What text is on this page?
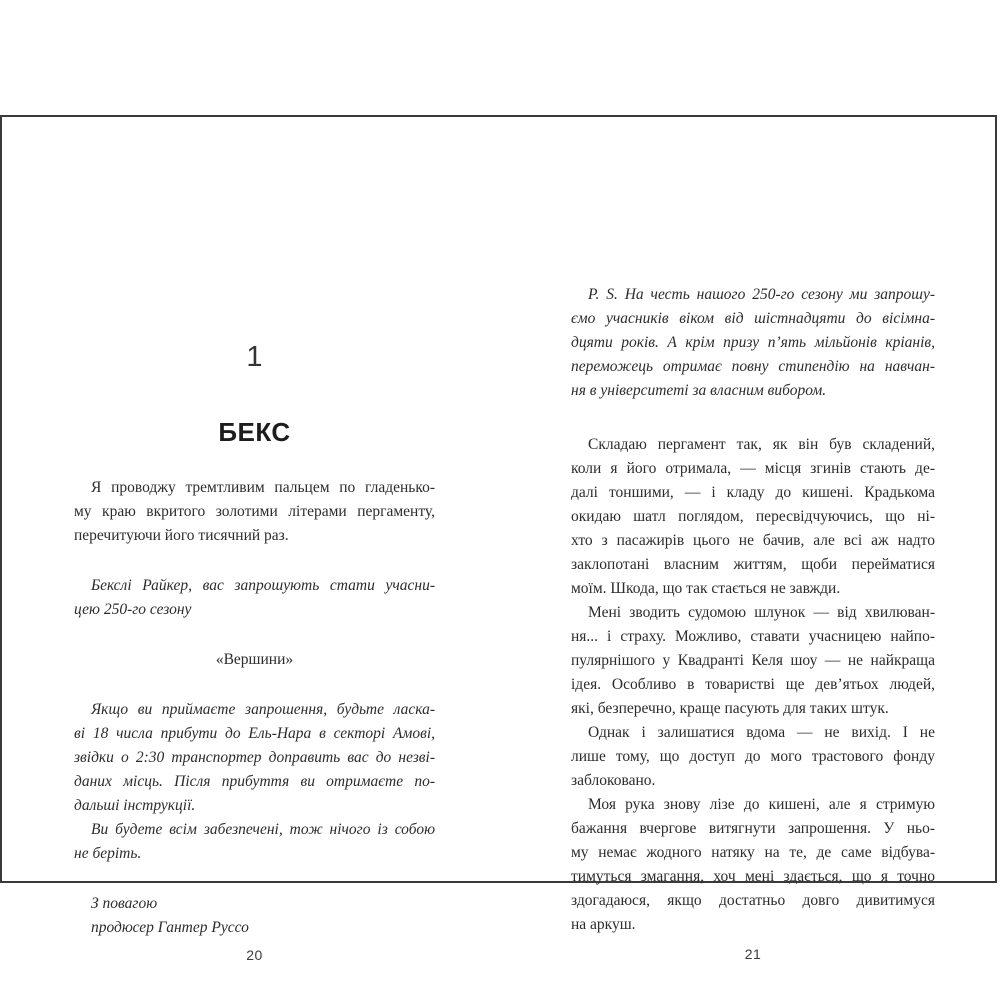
1
БЕКС
Я проводжу тремтливим пальцем по гладенько-
му краю вкритого золотими літерами пергаменту,
перечитуючи його тисячний раз.
Бекслі Райкер, вас запрошують стати учасни-
цею 250-го сезону
«Вершини»
Якщо ви приймаєте запрошення, будьте ласка-
ві 18 числа прибути до Ель-Нара в секторі Амові,
звідки о 2:30 транспортер доправить вас до незві-
даних місць. Після прибуття ви отримаєте по-
дальші інструкції.
Ви будете всім забезпечені, тож нічого із собою
не беріть.
З повагою
продюсер Гантер Руссо
P. S. На честь нашого 250-го сезону ми запрошу-
ємо учасників віком від шістнадцяти до вісімна-
дцяти років. А крім призу п’ять мільйонів кріанів,
переможець отримає повну стипендію на навчан-
ня в університеті за власним вибором.
Складаю пергамент так, як він був складений,
коли я його отримала, — місця згинів стають де-
далі тоншими, — і кладу до кишені. Крадькома
окидаю шатл поглядом, пересвідчуючись, що ні-
хто з пасажирів цього не бачив, але всі аж надто
заклопотані власним життям, щоби перейматися
моїм. Шкода, що так стається не завжди.
Мені зводить судомою шлунок — від хвилюван-
ня... і страху. Можливо, ставати учасницею найпо-
пулярнішого у Квадранті Келя шоу — не найкраща
ідея. Особливо в товаристві ще дев’ятьох людей,
які, безперечно, краще пасують для таких штук.
Однак і залишатися вдома — не вихід. І не
лише тому, що доступ до мого трастового фонду
заблоковано.
Моя рука знову лізе до кишені, але я стримую
бажання вчергове витягнути запрошення. У ньо-
му немає жодного натяку на те, де саме відбува-
тимуться змагання, хоч мені здається, що я точно
здогадаюся, якщо достатньо довго дивитимуся
на аркуш.
20	21
